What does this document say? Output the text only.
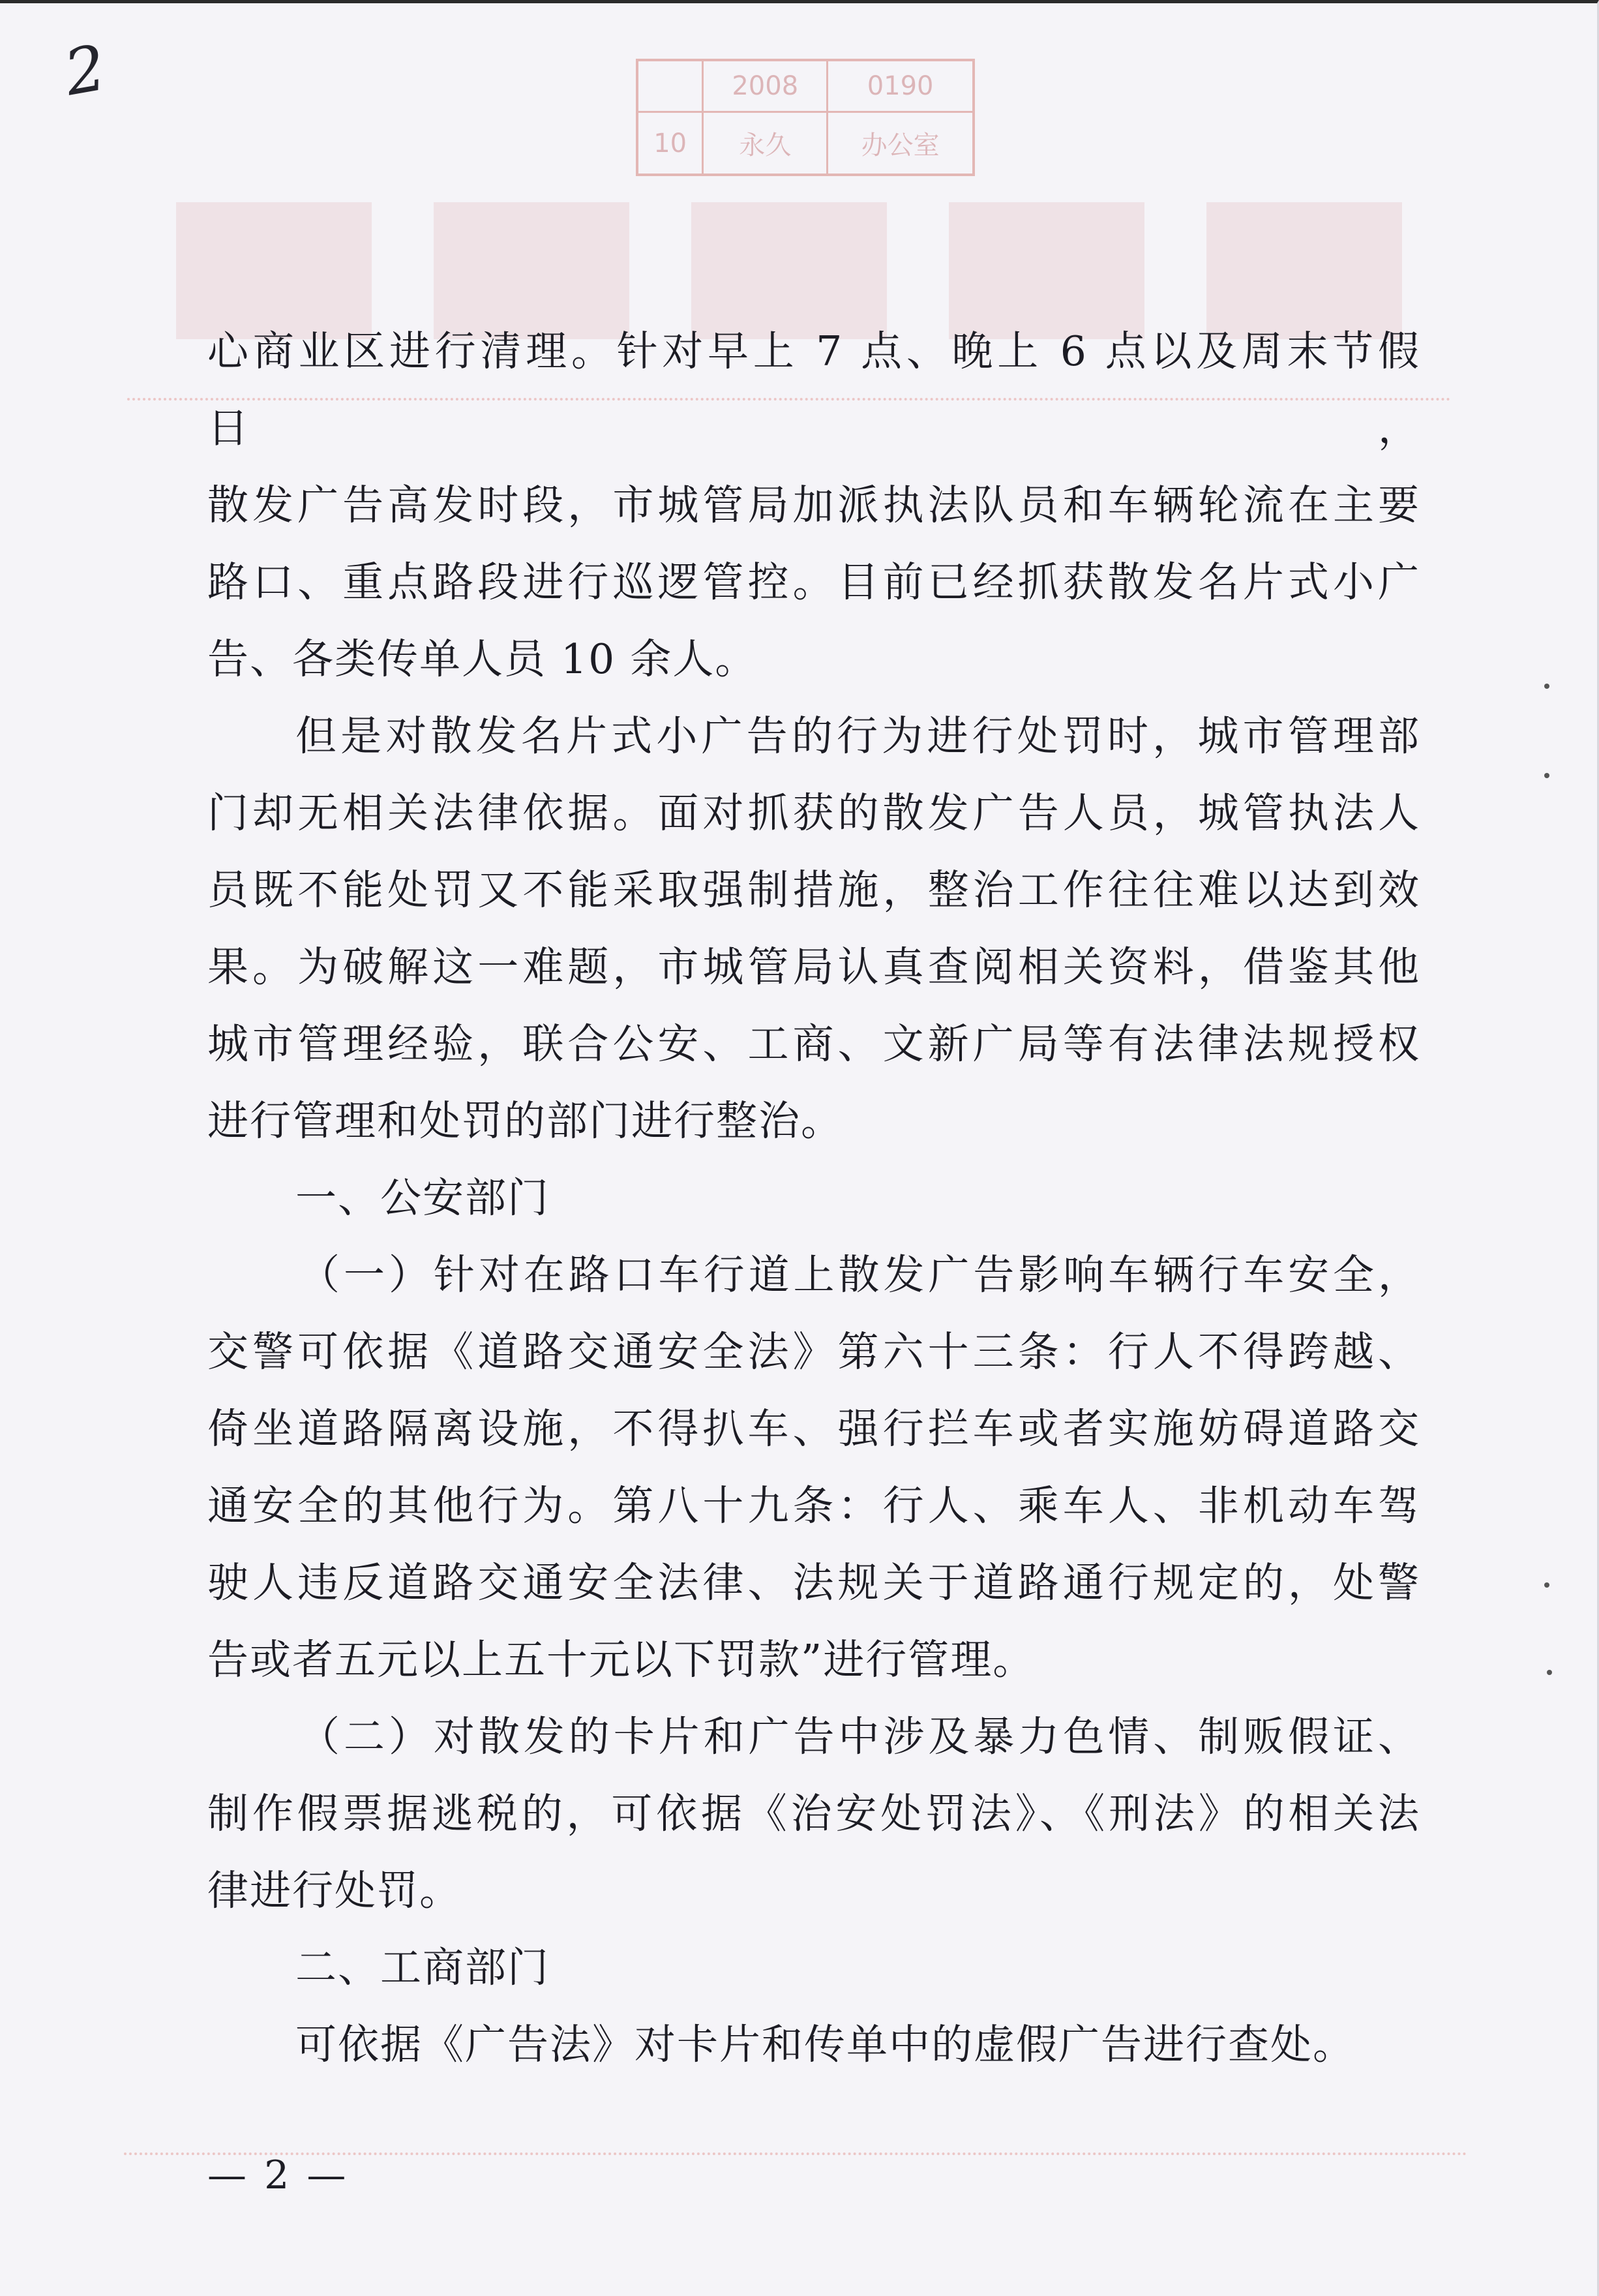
2
		2008	0190
10	永久	办公室

心商业区进行清理。针对早上 7 点、晚上 6 点以及周末节假日，

散发广告高发时段，市城管局加派执法队员和车辆轮流在主要

路口、重点路段进行巡逻管控。目前已经抓获散发名片式小广

告、各类传单人员 10 余人。

但是对散发名片式小广告的行为进行处罚时，城市管理部

门却无相关法律依据。面对抓获的散发广告人员，城管执法人

员既不能处罚又不能采取强制措施，整治工作往往难以达到效

果。为破解这一难题，市城管局认真查阅相关资料，借鉴其他

城市管理经验，联合公安、工商、文新广局等有法律法规授权

进行管理和处罚的部门进行整治。

一、公安部门

（一）针对在路口车行道上散发广告影响车辆行车安全，

交警可依据《道路交通安全法》第六十三条：行人不得跨越、

倚坐道路隔离设施，不得扒车、强行拦车或者实施妨碍道路交

通安全的其他行为。第八十九条：行人、乘车人、非机动车驾

驶人违反道路交通安全法律、法规关于道路通行规定的，处警

告或者五元以上五十元以下罚款”进行管理。

（二）对散发的卡片和广告中涉及暴力色情、制贩假证、

制作假票据逃税的，可依据《治安处罚法》、《刑法》的相关法

律进行处罚。

二、工商部门

可依据《广告法》对卡片和传单中的虚假广告进行查处。

— 2 —
